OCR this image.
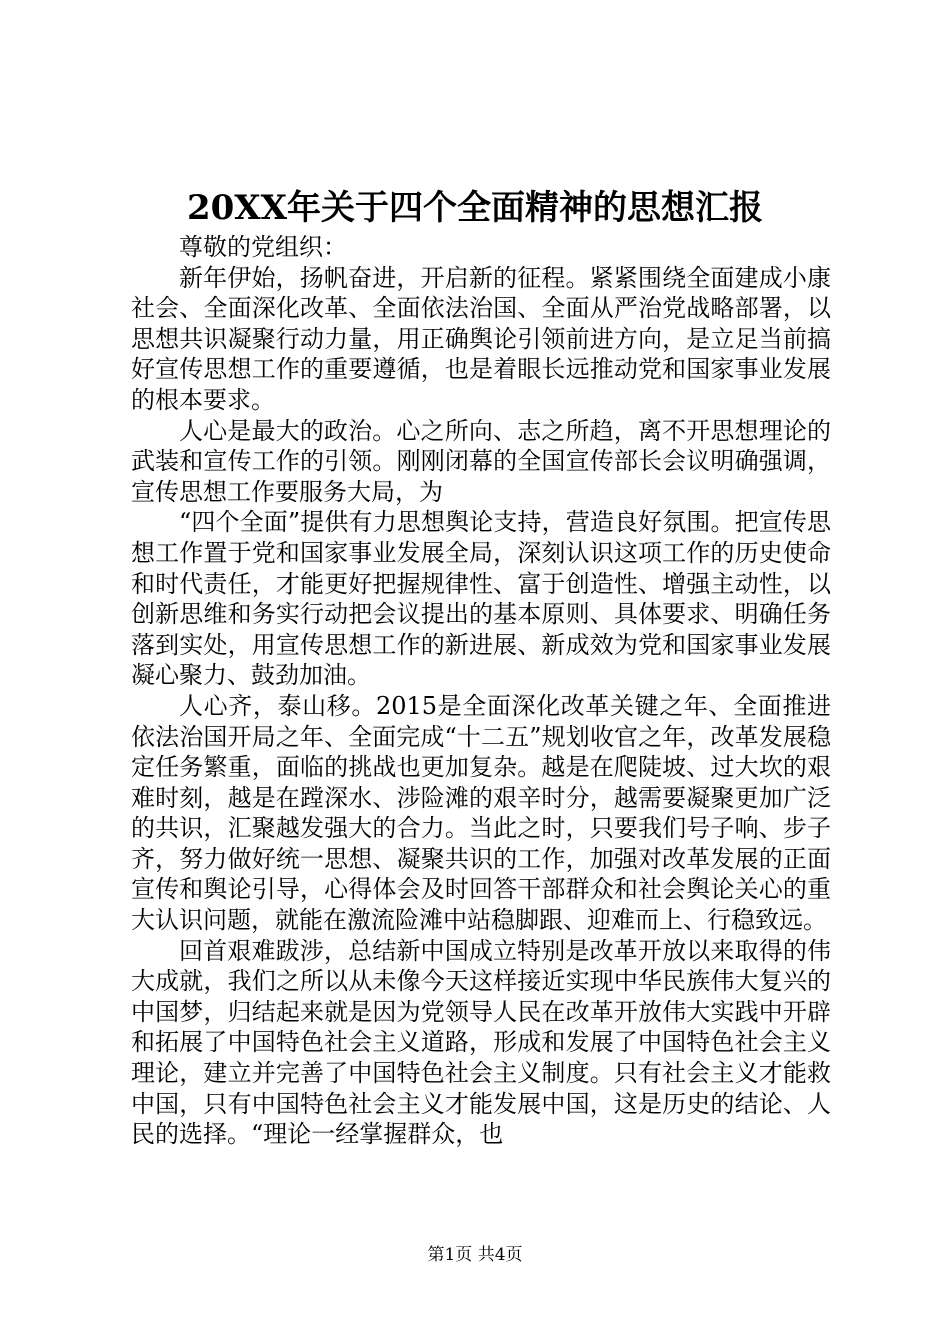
20XX年关于四个全面精神的思想汇报

尊敬的党组织：

新年伊始，扬帆奋进，开启新的征程。紧紧围绕全面建成小康社会、全面深化改革、全面依法治国、全面从严治党战略部署，以思想共识凝聚行动力量，用正确舆论引领前进方向，是立足当前搞好宣传思想工作的重要遵循，也是着眼长远推动党和国家事业发展的根本要求。

人心是最大的政治。心之所向、志之所趋，离不开思想理论的武装和宣传工作的引领。刚刚闭幕的全国宣传部长会议明确强调，宣传思想工作要服务大局，为

“四个全面”提供有力思想舆论支持，营造良好氛围。把宣传思想工作置于党和国家事业发展全局，深刻认识这项工作的历史使命和时代责任，才能更好把握规律性、富于创造性、增强主动性，以创新思维和务实行动把会议提出的基本原则、具体要求、明确任务落到实处，用宣传思想工作的新进展、新成效为党和国家事业发展凝心聚力、鼓劲加油。

人心齐，泰山移。2015是全面深化改革关键之年、全面推进依法治国开局之年、全面完成“十二五”规划收官之年，改革发展稳定任务繁重，面临的挑战也更加复杂。越是在爬陡坡、过大坎的艰难时刻，越是在蹚深水、涉险滩的艰辛时分，越需要凝聚更加广泛的共识，汇聚越发强大的合力。当此之时，只要我们号子响、步子齐，努力做好统一思想、凝聚共识的工作，加强对改革发展的正面宣传和舆论引导，心得体会及时回答干部群众和社会舆论关心的重大认识问题，就能在激流险滩中站稳脚跟、迎难而上、行稳致远。

回首艰难跋涉，总结新中国成立特别是改革开放以来取得的伟大成就，我们之所以从未像今天这样接近实现中华民族伟大复兴的中国梦，归结起来就是因为党领导人民在改革开放伟大实践中开辟和拓展了中国特色社会主义道路，形成和发展了中国特色社会主义理论，建立并完善了中国特色社会主义制度。只有社会主义才能救中国，只有中国特色社会主义才能发展中国，这是历史的结论、人民的选择。“理论一经掌握群众，也

第1页 共4页
